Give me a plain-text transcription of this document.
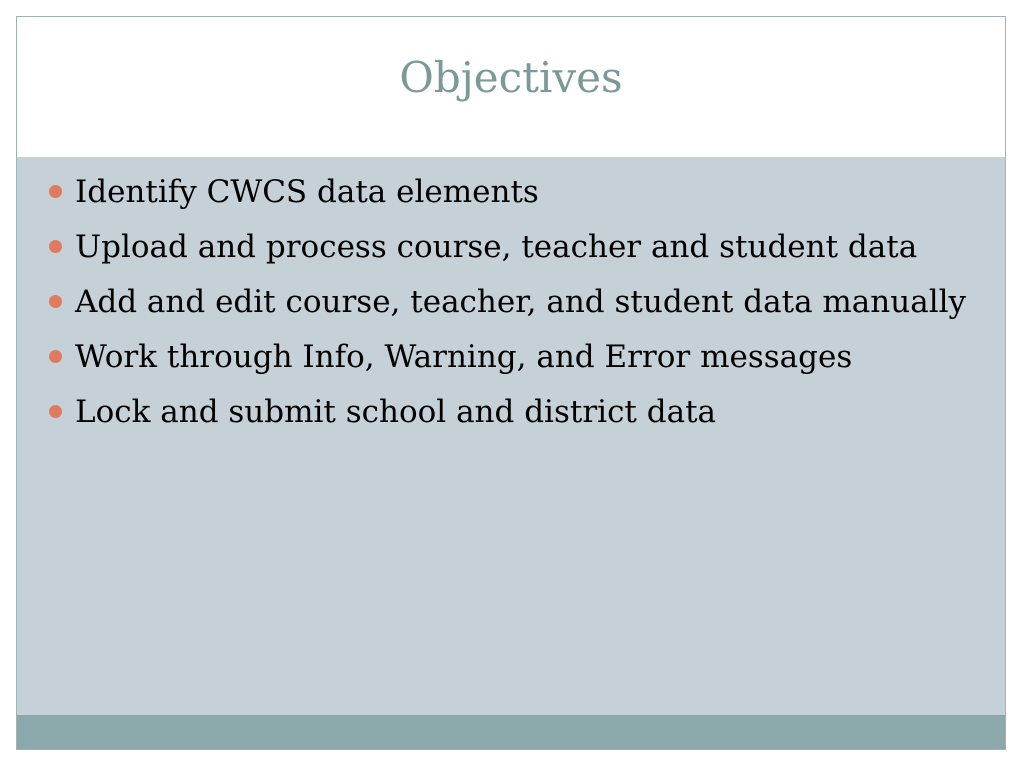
Objectives
Identify CWCS data elements
Upload and process course, teacher and student data
Add and edit course, teacher, and student data manually
Work through Info, Warning, and Error messages
Lock and submit school and district data
